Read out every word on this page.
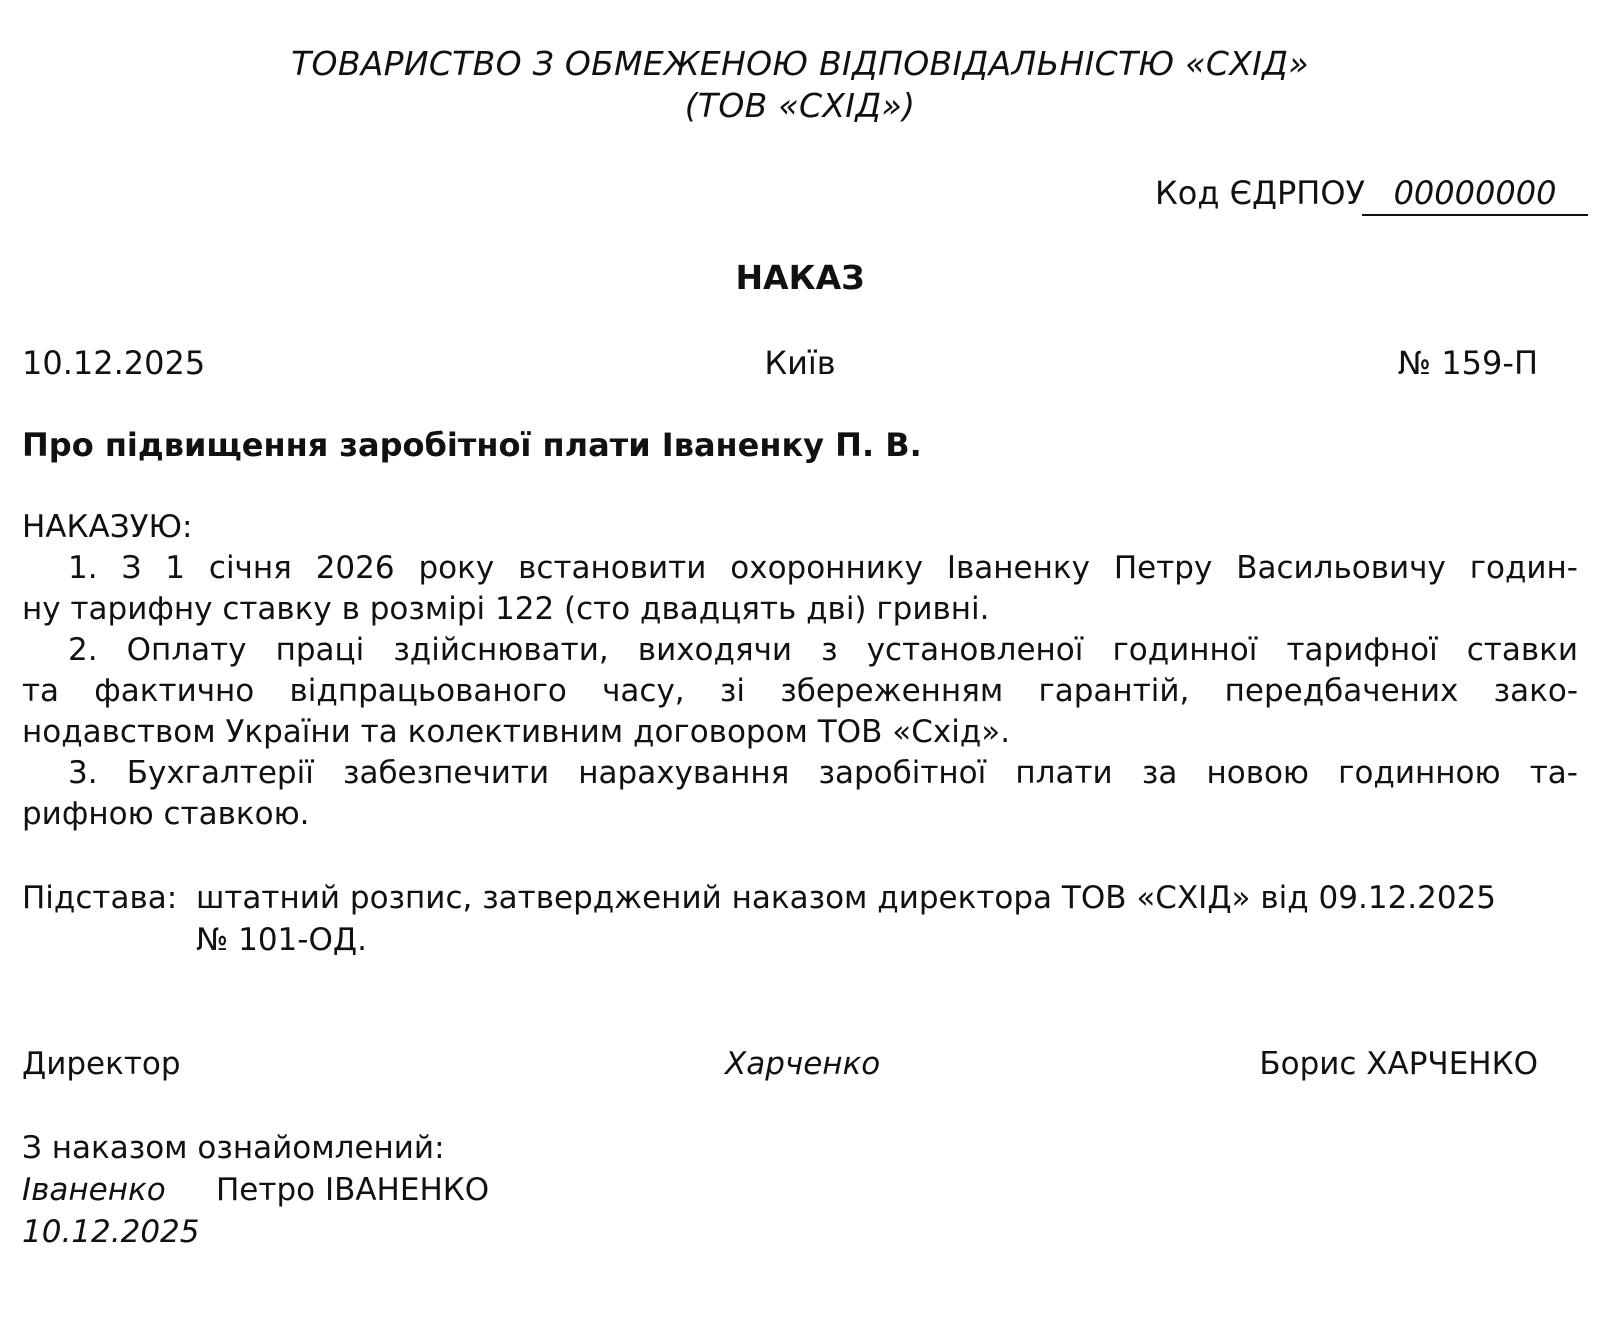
ТОВАРИСТВО З ОБМЕЖЕНОЮ ВІДПОВІДАЛЬНІСТЮ «СХІД»
(ТОВ «СХІД»)
Код ЄДРПОУ 00000000
НАКАЗ
10.12.2025	Київ	№ 159-П
Про підвищення заробітної плати Іваненку П. В.
НАКАЗУЮ:
1. З 1 січня 2026 року встановити охороннику Іваненку Петру Васильовичу годин-
ну тарифну ставку в розмірі 122 (сто двадцять дві) гривні.
2. Оплату праці здійснювати, виходячи з установленої годинної тарифної ставки
та фактично відпрацьованого часу, зі збереженням гарантій, передбачених зако-
нодавством України та колективним договором ТОВ «Схід».
3. Бухгалтерії забезпечити нарахування заробітної плати за новою годинною та-
рифною ставкою.
Підстава: штатний розпис, затверджений наказом директора ТОВ «СХІД» від 09.12.2025
№ 101-ОД.
Директор	Харченко	Борис ХАРЧЕНКО
З наказом ознайомлений:
Іваненко Петро ІВАНЕНКО
10.12.2025
